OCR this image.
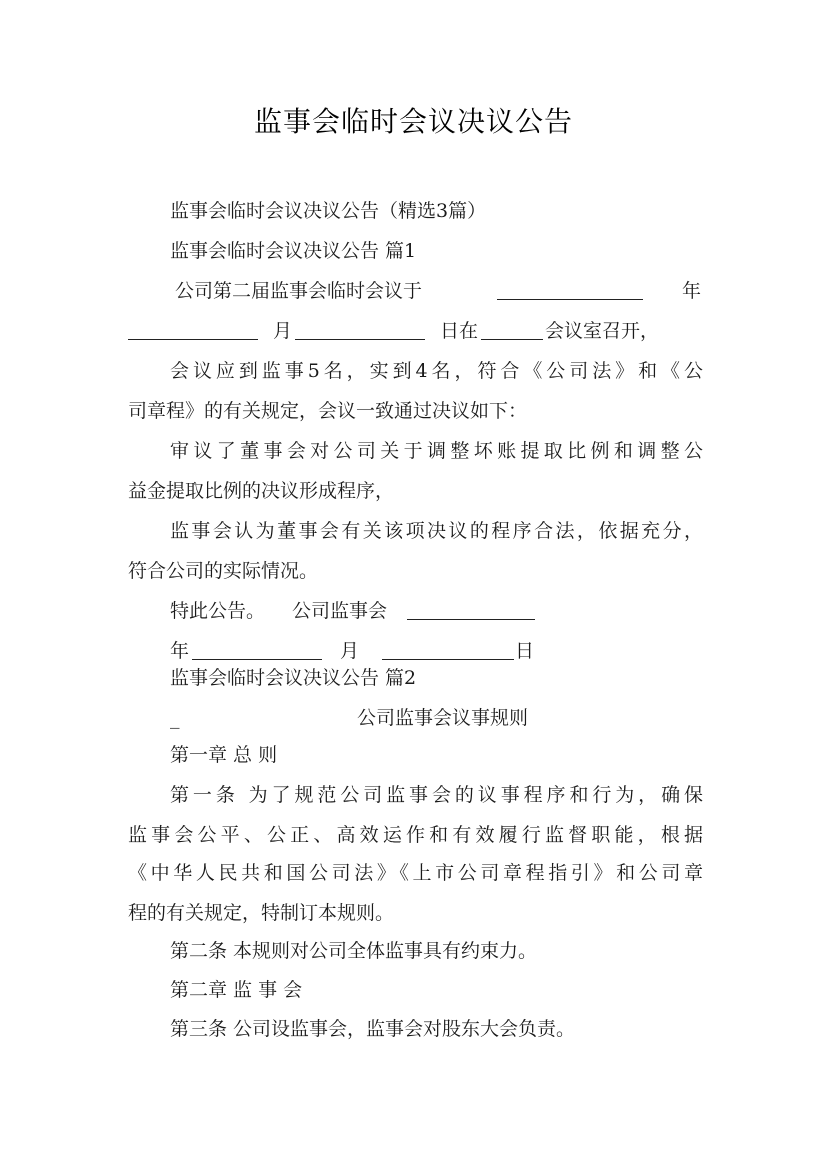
监事会临时会议决议公告
监事会临时会议决议公告（精选3篇）
监事会临时会议决议公告 篇1
公司第二届监事会临时会议于	年
月	日在	会议室召开，
会议应到监事5名，实到4名，符合《公司法》和《公
司章程》的有关规定，会议一致通过决议如下：
审议了董事会对公司关于调整坏账提取比例和调整公
益金提取比例的决议形成程序，
监事会认为董事会有关该项决议的程序合法，依据充分，
符合公司的实际情况。
特此公告。 公司监事会
年	月	日
监事会临时会议决议公告 篇2
_	公司监事会议事规则
第一章 总 则
第一条 为了规范公司监事会的议事程序和行为，确保
监事会公平、公正、高效运作和有效履行监督职能，根据
《中华人民共和国公司法》《上市公司章程指引》和公司章
程的有关规定，特制订本规则。
第二条 本规则对公司全体监事具有约束力。
第二章 监 事 会
第三条 公司设监事会，监事会对股东大会负责。
